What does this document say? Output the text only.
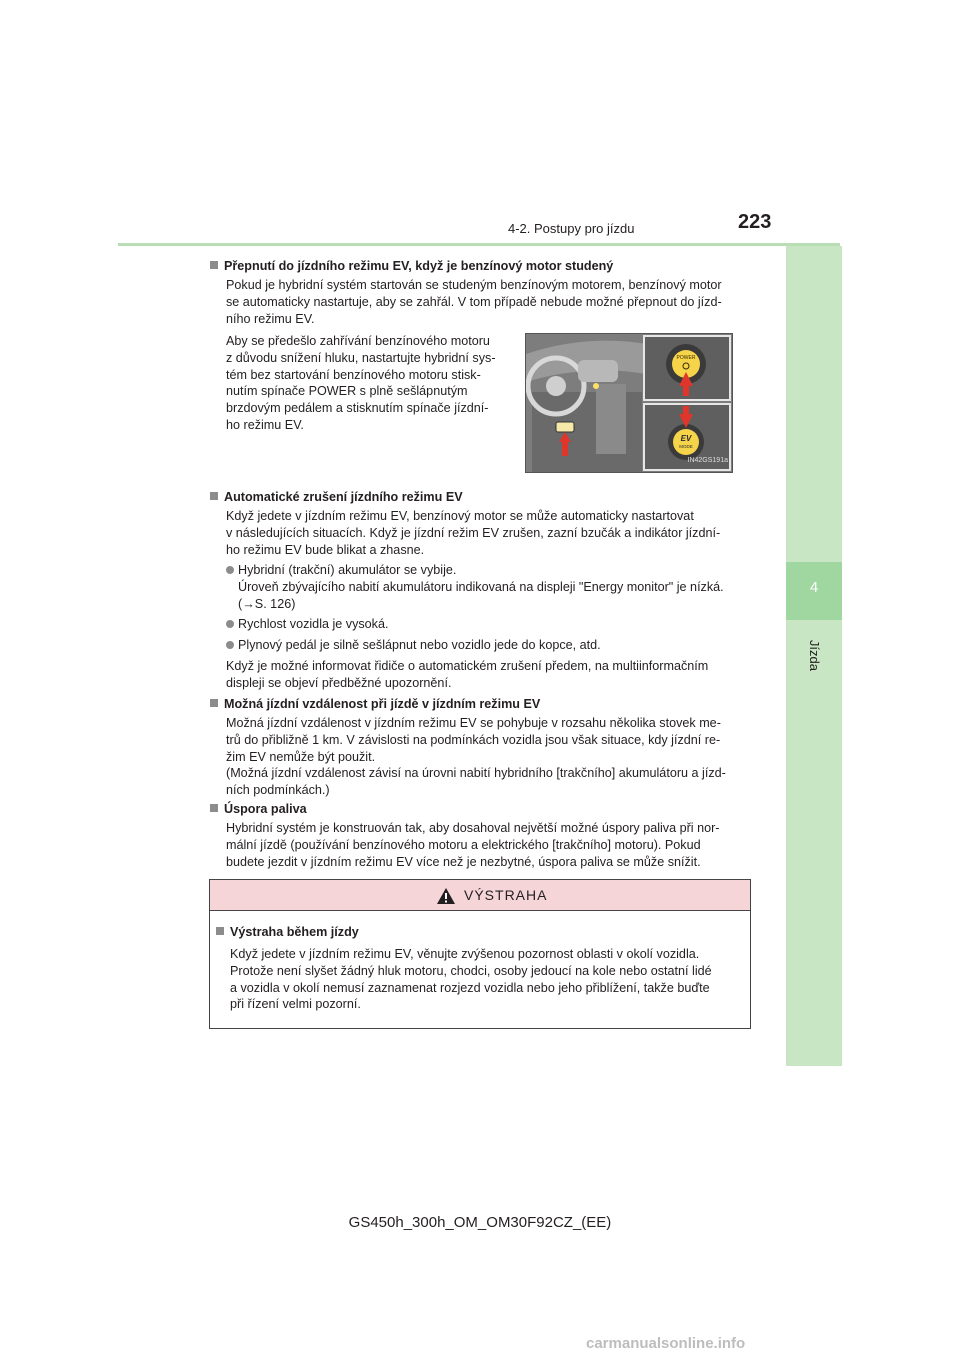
4-2. Postupy pro jízdu	223
4
Jízda
Přepnutí do jízdního režimu EV, když je benzínový motor studený
Pokud je hybridní systém startován se studeným benzínovým motorem, benzínový motor
se automaticky nastartuje, aby se zahřál. V tom případě nebude možné přepnout do jízd-
ního režimu EV.
Aby se předešlo zahřívání benzínového motoru
z důvodu snížení hluku, nastartujte hybridní sys-
tém bez startování benzínového motoru stisk-
nutím spínače POWER s plně sešlápnutým
brzdovým pedálem a stisknutím spínače jízdní-
ho režimu EV.
POWER
EV
MODE
IN42GS191a
Automatické zrušení jízdního režimu EV
Když jedete v jízdním režimu EV, benzínový motor se může automaticky nastartovat
v následujících situacích. Když je jízdní režim EV zrušen, zazní bzučák a indikátor jízdní-
ho režimu EV bude blikat a zhasne.
Hybridní (trakční) akumulátor se vybije.
Úroveň zbývajícího nabití akumulátoru indikovaná na displeji "Energy monitor" je nízká.
(→S. 126)
Rychlost vozidla je vysoká.
Plynový pedál je silně sešlápnut nebo vozidlo jede do kopce, atd.
Když je možné informovat řidiče o automatickém zrušení předem, na multiinformačním
displeji se objeví předběžné upozornění.
Možná jízdní vzdálenost při jízdě v jízdním režimu EV
Možná jízdní vzdálenost v jízdním režimu EV se pohybuje v rozsahu několika stovek me-
trů do přibližně 1 km. V závislosti na podmínkách vozidla jsou však situace, kdy jízdní re-
žim EV nemůže být použit.
(Možná jízdní vzdálenost závisí na úrovni nabití hybridního [trakčního] akumulátoru a jízd-
ních podmínkách.)
Úspora paliva
Hybridní systém je konstruován tak, aby dosahoval největší možné úspory paliva při nor-
mální jízdě (používání benzínového motoru a elektrického [trakčního] motoru). Pokud
budete jezdit v jízdním režimu EV více než je nezbytné, úspora paliva se může snížit.
VÝSTRAHA
Výstraha během jízdy
Když jedete v jízdním režimu EV, věnujte zvýšenou pozornost oblasti v okolí vozidla.
Protože není slyšet žádný hluk motoru, chodci, osoby jedoucí na kole nebo ostatní lidé
a vozidla v okolí nemusí zaznamenat rozjezd vozidla nebo jeho přiblížení, takže buďte
při řízení velmi pozorní.
GS450h_300h_OM_OM30F92CZ_(EE)
carmanualsonline.info
